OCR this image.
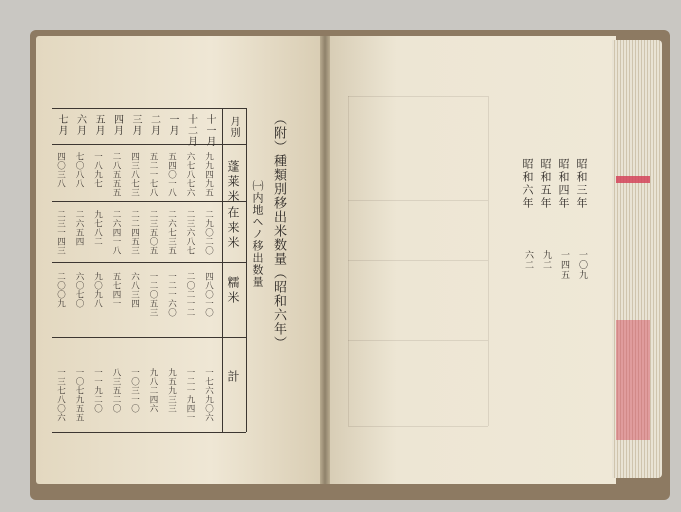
（附）種類別移出米数量（昭和六年）
㈠内地ヘノ移出数量
月別
蓬莱米
在来米
糯米
計
十一月
九九四九五
二九〇二〇
四八〇一〇
一七六九〇六
十二月
六七八七六
二三六八七
二〇二一二
一二一九四一
一月
五四〇一八
二六七三五
一二一六〇
九五九三三
二月
五二一七八
二三五〇五
一二〇五三
九八二四六
三月
四三八七三
二二四五三
六八三四
一〇三一〇
四月
二八五五五
二六四一八
五七四一
八三五二〇
五月
一八九七
九七八二
九〇九八
一一九二〇
六月
七〇八八
二六五四
六〇七〇
一〇七九五五
七月
四〇三八
二三一四三
二〇〇九
一三七八〇六
昭和三年
一〇九
昭和四年
一四五
昭和五年
九二
昭和六年
六二
